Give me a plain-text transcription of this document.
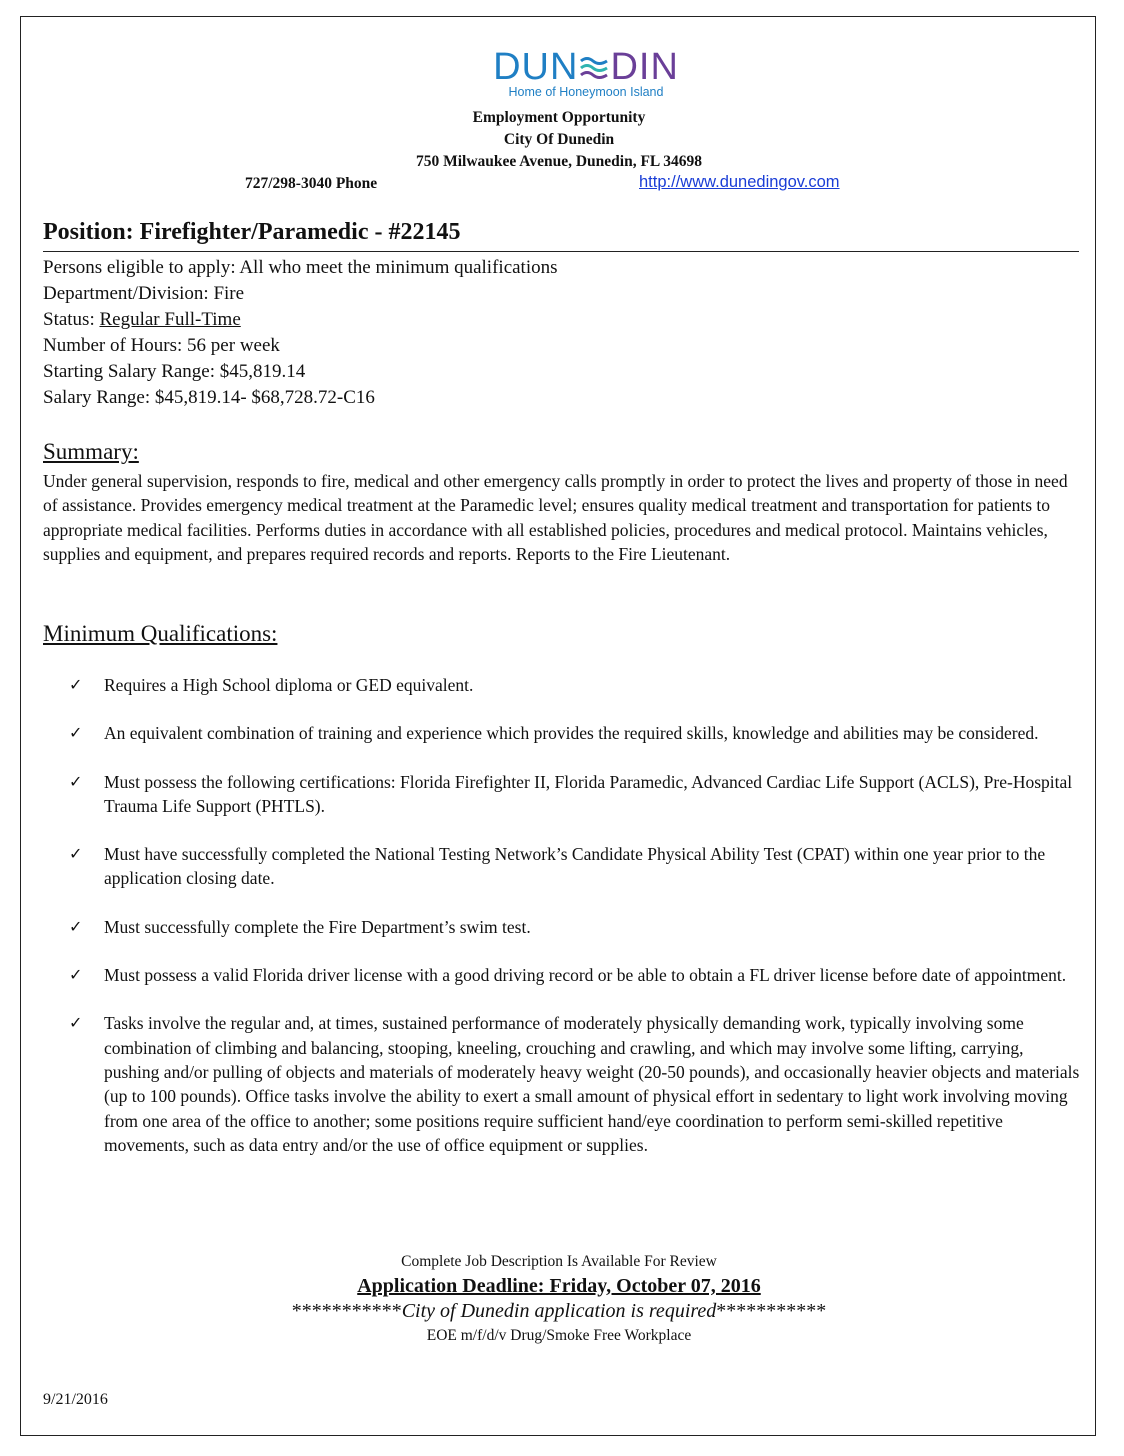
DUN DIN
Home of Honeymoon Island
Employment Opportunity
City Of Dunedin
750 Milwaukee Avenue, Dunedin, FL 34698
727/298-3040 Phone	http://www.dunedingov.com
Position: Firefighter/Paramedic - #22145
Persons eligible to apply: All who meet the minimum qualifications
Department/Division: Fire
Status: Regular Full-Time
Number of Hours: 56 per week
Starting Salary Range: $45,819.14
Salary Range: $45,819.14- $68,728.72-C16
Summary:
Under general supervision, responds to fire, medical and other emergency calls promptly in order to protect the lives and property of those in need of assistance. Provides emergency medical treatment at the Paramedic level; ensures quality medical treatment and transportation for patients to appropriate medical facilities. Performs duties in accordance with all established policies, procedures and medical protocol. Maintains vehicles, supplies and equipment, and prepares required records and reports. Reports to the Fire Lieutenant.
Minimum Qualifications:
✓ Requires a High School diploma or GED equivalent.
✓ An equivalent combination of training and experience which provides the required skills, knowledge and abilities may be considered.
✓ Must possess the following certifications: Florida Firefighter II, Florida Paramedic, Advanced Cardiac Life Support (ACLS), Pre-Hospital Trauma Life Support (PHTLS).
✓ Must have successfully completed the National Testing Network’s Candidate Physical Ability Test (CPAT) within one year prior to the application closing date.
✓ Must successfully complete the Fire Department’s swim test.
✓ Must possess a valid Florida driver license with a good driving record or be able to obtain a FL driver license before date of appointment.
✓ Tasks involve the regular and, at times, sustained performance of moderately physically demanding work, typically involving some combination of climbing and balancing, stooping, kneeling, crouching and crawling, and which may involve some lifting, carrying, pushing and/or pulling of objects and materials of moderately heavy weight (20-50 pounds), and occasionally heavier objects and materials (up to 100 pounds). Office tasks involve the ability to exert a small amount of physical effort in sedentary to light work involving moving from one area of the office to another; some positions require sufficient hand/eye coordination to perform semi-skilled repetitive movements, such as data entry and/or the use of office equipment or supplies.
Complete Job Description Is Available For Review
Application Deadline: Friday, October 07, 2016
***********City of Dunedin application is required***********
EOE m/f/d/v Drug/Smoke Free Workplace
9/21/2016
